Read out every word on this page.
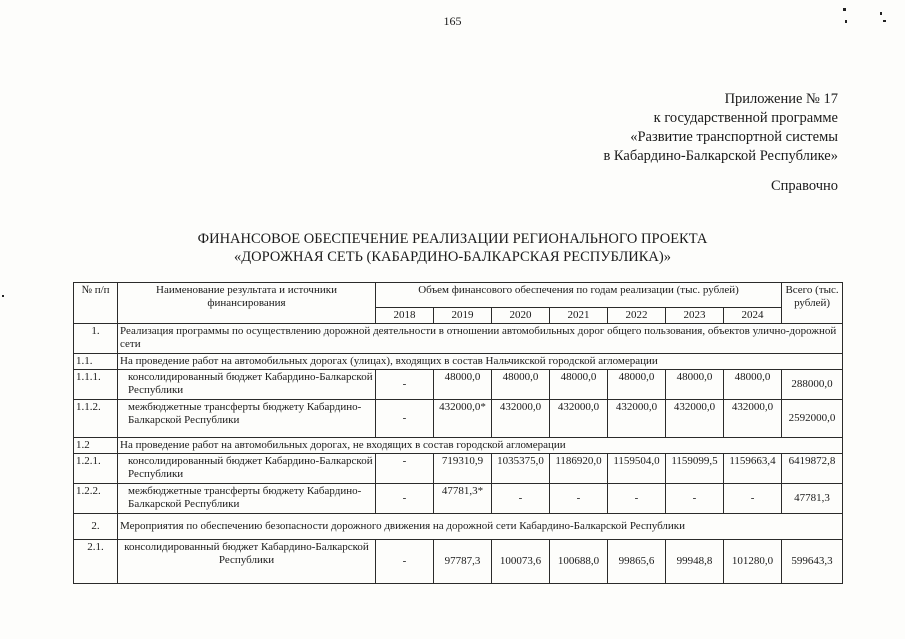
165
Приложение № 17
к государственной программе
«Развитие транспортной системы
в Кабардино-Балкарской Республике»
Справочно
ФИНАНСОВОЕ ОБЕСПЕЧЕНИЕ РЕАЛИЗАЦИИ РЕГИОНАЛЬНОГО ПРОЕКТА
«ДОРОЖНАЯ СЕТЬ (КАБАРДИНО-БАЛКАРСКАЯ РЕСПУБЛИКА)»
№ п/п	Наименование результата и источники финансирования	Объем финансового обеспечения по годам реализации (тыс. рублей)							Всего (тыс. рублей)
		2018	2019	2020	2021	2022	2023	2024	
1.	Реализация программы по осуществлению дорожной деятельности в отношении автомобильных дорог общего пользования, объектов улично-дорожной сети								
1.1.	На проведение работ на автомобильных дорогах (улицах), входящих в состав Нальчикской городской агломерации								
1.1.1.	консолидированный бюджет Кабардино-Балкарской Республики	-	48000,0	48000,0	48000,0	48000,0	48000,0	48000,0	288000,0
1.1.2.	межбюджетные трансферты бюджету Кабардино-Балкарской Республики	-	432000,0*	432000,0	432000,0	432000,0	432000,0	432000,0	2592000,0
1.2	На проведение работ на автомобильных дорогах, не входящих в состав городской агломерации								
1.2.1.	консолидированный бюджет Кабардино-Балкарской Республики	-	719310,9	1035375,0	1186920,0	1159504,0	1159099,5	1159663,4	6419872,8
1.2.2.	межбюджетные трансферты бюджету Кабардино-Балкарской Республики	-	47781,3*	-	-	-	-	-	47781,3
2.	Мероприятия по обеспечению безопасности дорожного движения на дорожной сети Кабардино-Балкарской Республики								
2.1.	консолидированный бюджет Кабардино-Балкарской Республики	-	97787,3	100073,6	100688,0	99865,6	99948,8	101280,0	599643,3
